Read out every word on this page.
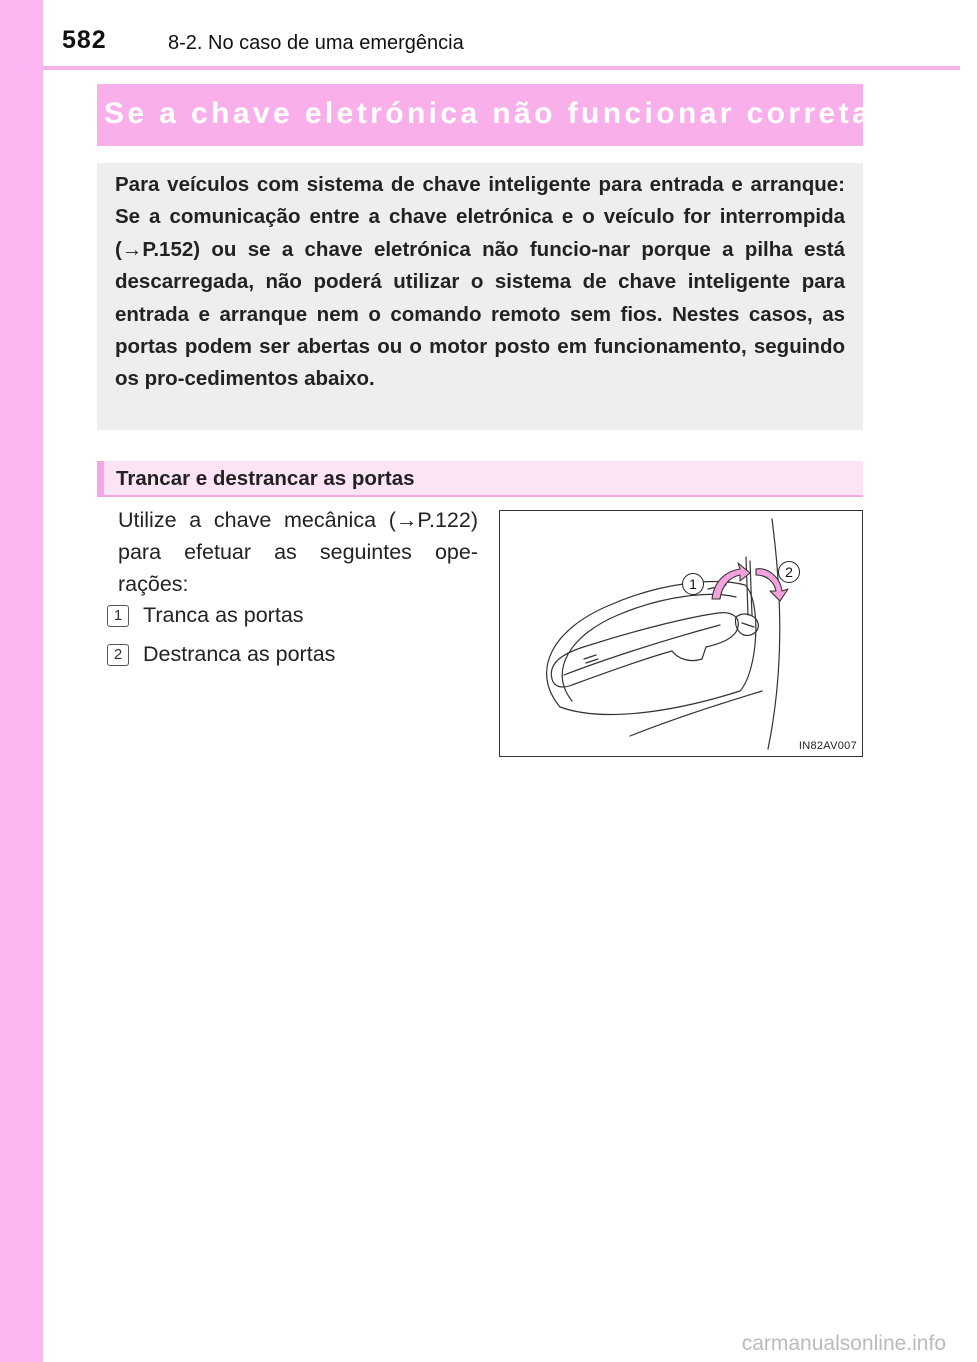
582	8-2. No caso de uma emergência
Se a chave eletrónica não funcionar corretamente

Para veículos com sistema de chave inteligente para entrada e arranque: Se a comunicação entre a chave eletrónica e o veículo for interrompida (→P.152) ou se a chave eletrónica não funcio-nar porque a pilha está descarregada, não poderá utilizar o sistema de chave inteligente para entrada e arranque nem o comando remoto sem fios. Nestes casos, as portas podem ser abertas ou o motor posto em funcionamento, seguindo os pro-cedimentos abaixo.

Trancar e destrancar as portas
Utilize a chave mecânica (→P.122) para efetuar as seguintes ope-rações:
1 Tranca as portas
2 Destranca as portas
1
2
IN82AV007
carmanualsonline.info
